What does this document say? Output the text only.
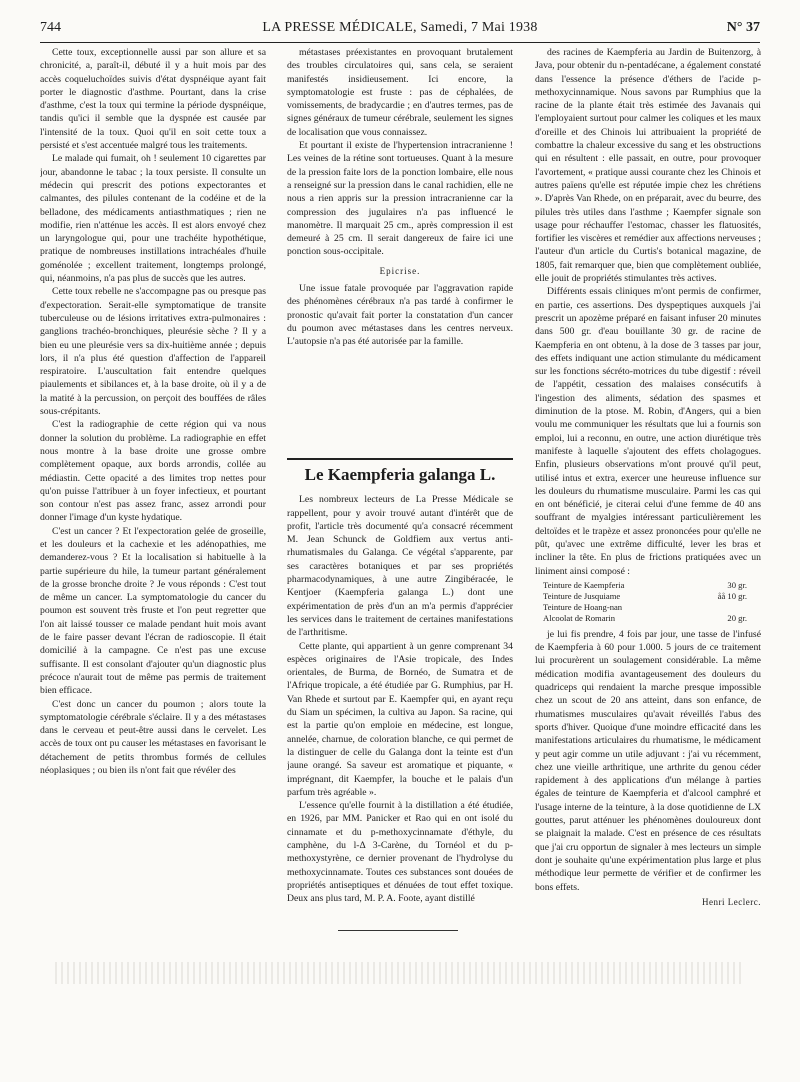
744	LA PRESSE MÉDICALE, Samedi, 7 Mai 1938	N° 37

Cette toux, exceptionnelle aussi par son allure et sa chronicité, a, paraît-il, débuté il y a huit mois par des accès coqueluchoïdes suivis d'état dyspnéique ayant fait porter le diagnostic d'asthme. Pourtant, dans la crise d'asthme, c'est la toux qui termine la période dyspnéique, tandis qu'ici il semble que la dyspnée est causée par l'intensité de la toux. Quoi qu'il en soit cette toux a persisté et s'est accentuée malgré tous les traitements.

Le malade qui fumait, oh ! seulement 10 cigarettes par jour, abandonne le tabac ; la toux persiste. Il consulte un médecin qui prescrit des potions expectorantes et calmantes, des pilules contenant de la codéine et de la belladone, des médicaments antiasthmatiques ; rien ne modifie, rien n'atténue les accès. Il est alors envoyé chez un laryngologue qui, pour une trachéite hypothétique, pratique de nombreuses instillations intrachéales d'huile goménolée ; excellent traitement, longtemps prolongé, qui, néanmoins, n'a pas plus de succès que les autres.

Cette toux rebelle ne s'accompagne pas ou presque pas d'expectoration. Serait-elle symptomatique de transite tuberculeuse ou de lésions irritatives extra-pulmonaires : ganglions trachéo-bronchiques, pleurésie sèche ? Il y a bien eu une pleurésie vers sa dix-huitième année ; depuis lors, il n'a plus été question d'affection de l'appareil respiratoire. L'auscultation fait entendre quelques piaulements et sibilances et, à la base droite, où il y a de la matité à la percussion, on perçoit des bouffées de râles sous-crépitants.

C'est la radiographie de cette région qui va nous donner la solution du problème. La radiographie en effet nous montre à la base droite une grosse ombre complètement opaque, aux bords arrondis, collée au médiastin. Cette opacité a des limites trop nettes pour qu'on puisse l'attribuer à un foyer infectieux, et pourtant son contour n'est pas assez franc, assez arrondi pour donner l'image d'un kyste hydatique.

C'est un cancer ? Et l'expectoration gelée de groseille, et les douleurs et la cachexie et les adénopathies, me demanderez-vous ? Et la localisation si habituelle à la partie supérieure du hile, la tumeur partant généralement de la grosse bronche droite ? Je vous réponds : C'est tout de même un cancer. La symptomatologie du cancer du poumon est souvent très fruste et l'on peut regretter que l'on ait laissé tousser ce malade pendant huit mois avant de le faire passer devant l'écran de radioscopie. Il était domicilié à la campagne. Ce n'est pas une excuse suffisante. Il est consolant d'ajouter qu'un diagnostic plus précoce n'aurait tout de même pas permis de traitement bien efficace.

C'est donc un cancer du poumon ; alors toute la symptomatologie cérébrale s'éclaire. Il y a des métastases dans le cerveau et peut-être aussi dans le cervelet. Les accès de toux ont pu causer les métastases en favorisant le détachement de petits thrombus formés de cellules néoplasiques ; ou bien ils n'ont fait que révéler des

métastases préexistantes en provoquant brutalement des troubles circulatoires qui, sans cela, se seraient manifestés insidieusement. Ici encore, la symptomatologie est fruste : pas de céphalées, de vomissements, de bradycardie ; en d'autres termes, pas de signes généraux de tumeur cérébrale, seulement les signes de localisation que vous connaissez.

Et pourtant il existe de l'hypertension intracranienne ! Les veines de la rétine sont tortueuses. Quant à la mesure de la pression faite lors de la ponction lombaire, elle nous a renseigné sur la pression dans le canal rachidien, elle ne nous a rien appris sur la pression intracranienne car la compression des jugulaires n'a pas influencé le manomètre. Il marquait 25 cm., après compression il est demeuré à 25 cm. Il serait dangereux de faire ici une ponction sous-occipitale.

Epicrise.

Une issue fatale provoquée par l'aggravation rapide des phénomènes cérébraux n'a pas tardé à confirmer le pronostic qu'avait fait porter la constatation d'un cancer du poumon avec métastases dans les centres nerveux. L'autopsie n'a pas été autorisée par la famille.

Le Kaempferia galanga L.

Les nombreux lecteurs de La Presse Médicale se rappellent, pour y avoir trouvé autant d'intérêt que de profit, l'article très documenté qu'a consacré récemment M. Jean Schunck de Goldfiem aux vertus anti-rhumatismales du Galanga. Ce végétal s'apparente, par ses caractères botaniques et par ses propriétés pharmacodynamiques, à une autre Zingibéracée, le Kentjoer (Kaempferia galanga L.) dont une expérimentation de près d'un an m'a permis d'apprécier les services dans le traitement de certaines manifestations de l'arthritisme.

Cette plante, qui appartient à un genre comprenant 34 espèces originaires de l'Asie tropicale, des Indes orientales, de Burma, de Bornéo, de Sumatra et de l'Afrique tropicale, a été étudiée par G. Rumphius, par H. Van Rhede et surtout par E. Kaempfer qui, en ayant reçu du Siam un spécimen, la cultiva au Japon. Sa racine, qui est la partie qu'on emploie en médecine, est longue, annelée, charnue, de coloration blanche, ce qui permet de la distinguer de celle du Galanga dont la teinte est d'un jaune orangé. Sa saveur est aromatique et piquante, « imprégnant, dit Kaempfer, la bouche et le palais d'un parfum très agréable ».

L'essence qu'elle fournit à la distillation a été étudiée, en 1926, par MM. Panicker et Rao qui en ont isolé du cinnamate et du p-methoxycinnamate d'éthyle, du camphène, du l-Δ 3-Carène, du Tornéol et du p-methoxystyrène, ce dernier provenant de l'hydrolyse du methoxycinnamate. Toutes ces substances sont douées de propriétés antiseptiques et dénuées de tout effet toxique. Deux ans plus tard, M. P. A. Foote, ayant distillé

des racines de Kaempferia au Jardin de Buitenzorg, à Java, pour obtenir du n-pentadécane, a également constaté dans l'essence la présence d'éthers de l'acide p-methoxycinnamique. Nous savons par Rumphius que la racine de la plante était très estimée des Javanais qui l'employaient surtout pour calmer les coliques et les maux d'oreille et des Chinois lui attribuaient la propriété de combattre la chaleur excessive du sang et les obstructions qui en résultent : elle passait, en outre, pour provoquer l'avortement, « pratique aussi courante chez les Chinois et autres païens qu'elle est réputée impie chez les chrétiens ». D'après Van Rhede, on en préparait, avec du beurre, des pilules très utiles dans l'asthme ; Kaempfer signale son usage pour réchauffer l'estomac, chasser les flatuosités, fortifier les viscères et remédier aux affections nerveuses ; l'auteur d'un article du Curtis's botanical magazine, de 1805, fait remarquer que, bien que complètement oubliée, elle jouit de propriétés stimulantes très actives.

Différents essais cliniques m'ont permis de confirmer, en partie, ces assertions. Des dyspeptiques auxquels j'ai prescrit un apozème préparé en faisant infuser 20 minutes dans 500 gr. d'eau bouillante 30 gr. de racine de Kaempferia en ont obtenu, à la dose de 3 tasses par jour, des effets indiquant une action stimulante du médicament sur les fonctions sécréto-motrices du tube digestif : réveil de l'appétit, cessation des malaises consécutifs à l'ingestion des aliments, sédation des spasmes et diminution de la ptose. M. Robin, d'Angers, qui a bien voulu me communiquer les résultats que lui a fournis son emploi, lui a reconnu, en outre, une action diurétique très manifeste à laquelle s'ajoutent des effets cholagogues. Enfin, plusieurs observations m'ont prouvé qu'il peut, utilisé intus et extra, exercer une heureuse influence sur les douleurs du rhumatisme musculaire. Parmi les cas qui en ont bénéficié, je citerai celui d'une femme de 40 ans souffrant de myalgies intéressant particulièrement les deltoïdes et le trapèze et assez prononcées pour qu'elle ne pût, qu'avec une extrême difficulté, lever les bras et incliner la tête. En plus de frictions pratiquées avec un liniment ainsi composé :

Teinture de Kaempferia	30 gr.
Teinture de Jusquiame	åå 10 gr.
Teinture de Hoang-nan
Alcoolat de Romarin	20 gr.

je lui fis prendre, 4 fois par jour, une tasse de l'infusé de Kaempferia à 60 pour 1.000. 5 jours de ce traitement lui procurèrent un soulagement considérable. La même médication modifia avantageusement des douleurs du quadriceps qui rendaient la marche presque impossible chez un scout de 20 ans atteint, dans son enfance, de rhumatismes musculaires qu'avait réveillés l'abus des sports d'hiver. Quoique d'une moindre efficacité dans les manifestations articulaires du rhumatisme, le médicament y peut agir comme un utile adjuvant : j'ai vu récemment, chez une vieille arthritique, une arthrite du genou céder rapidement à des applications d'un mélange à parties égales de teinture de Kaempferia et d'alcool camphré et l'usage interne de la teinture, à la dose quotidienne de LX gouttes, parut atténuer les phénomènes douloureux dont se plaignait la malade. C'est en présence de ces résultats que j'ai cru opportun de signaler à mes lecteurs un simple dont je souhaite qu'une expérimentation plus large et plus méthodique leur permette de vérifier et de confirmer les bons effets.

Henri Leclerc.
